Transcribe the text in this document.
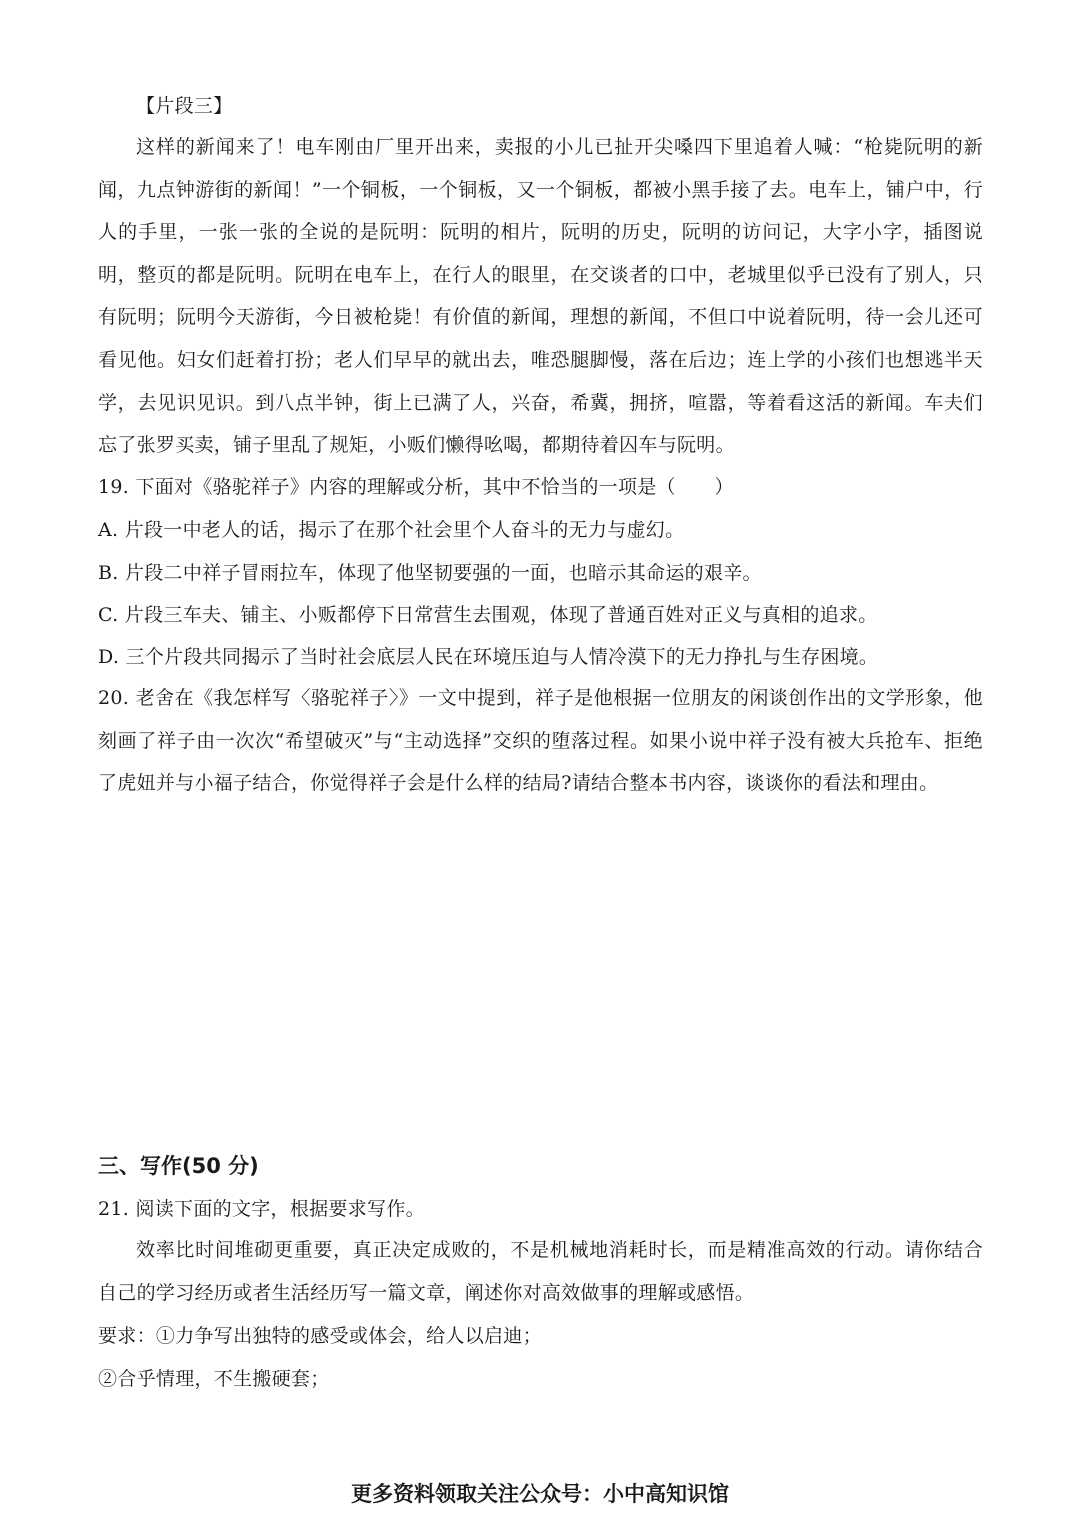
【片段三】
这样的新闻来了！电车刚由厂里开出来，卖报的小儿已扯开尖嗓四下里追着人喊：“枪毙阮明的新闻，九点钟游街的新闻！”一个铜板，一个铜板，又一个铜板，都被小黑手接了去。电车上，铺户中，行人的手里，一张一张的全说的是阮明：阮明的相片，阮明的历史，阮明的访问记，大字小字，插图说明，整页的都是阮明。阮明在电车上，在行人的眼里，在交谈者的口中，老城里似乎已没有了别人，只有阮明；阮明今天游街，今日被枪毙！有价值的新闻，理想的新闻，不但口中说着阮明，待一会儿还可看见他。妇女们赶着打扮；老人们早早的就出去，唯恐腿脚慢，落在后边；连上学的小孩们也想逃半天学，去见识见识。到八点半钟，街上已满了人，兴奋，希冀，拥挤，喧嚣，等着看这活的新闻。车夫们忘了张罗买卖，铺子里乱了规矩，小贩们懒得吆喝，都期待着囚车与阮明。
19. 下面对《骆驼祥子》内容的理解或分析，其中不恰当的一项是（　　）
A. 片段一中老人的话，揭示了在那个社会里个人奋斗的无力与虚幻。
B. 片段二中祥子冒雨拉车，体现了他坚韧要强的一面，也暗示其命运的艰辛。
C. 片段三车夫、铺主、小贩都停下日常营生去围观，体现了普通百姓对正义与真相的追求。
D. 三个片段共同揭示了当时社会底层人民在环境压迫与人情冷漠下的无力挣扎与生存困境。
20. 老舍在《我怎样写〈骆驼祥子〉》一文中提到，祥子是他根据一位朋友的闲谈创作出的文学形象，他刻画了祥子由一次次“希望破灭”与“主动选择”交织的堕落过程。如果小说中祥子没有被大兵抢车、拒绝了虎妞并与小福子结合，你觉得祥子会是什么样的结局?请结合整本书内容，谈谈你的看法和理由。
三、写作(50 分)
21. 阅读下面的文字，根据要求写作。
效率比时间堆砌更重要，真正决定成败的，不是机械地消耗时长，而是精准高效的行动。请你结合自己的学习经历或者生活经历写一篇文章，阐述你对高效做事的理解或感悟。
要求：①力争写出独特的感受或体会，给人以启迪；
②合乎情理，不生搬硬套；
更多资料领取关注公众号：小中高知识馆
